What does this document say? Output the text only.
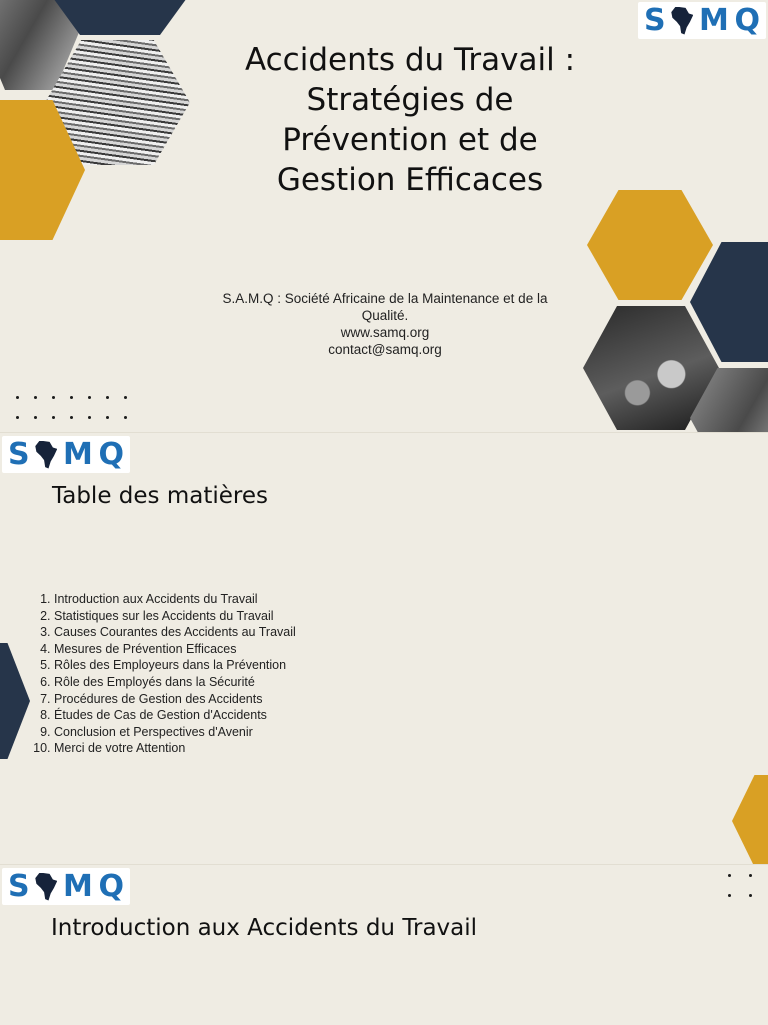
S M Q
Accidents du Travail :
Stratégies de
Prévention et de
Gestion Efficaces
S.A.M.Q : Société Africaine de la Maintenance et de la
Qualité.
www.samq.org
contact@samq.org
S M Q
Table des matières
1. Introduction aux Accidents du Travail
2. Statistiques sur les Accidents du Travail
3. Causes Courantes des Accidents au Travail
4. Mesures de Prévention Efficaces
5. Rôles des Employeurs dans la Prévention
6. Rôle des Employés dans la Sécurité
7. Procédures de Gestion des Accidents
8. Études de Cas de Gestion d'Accidents
9. Conclusion et Perspectives d'Avenir
10. Merci de votre Attention
S M Q
Introduction aux Accidents du Travail
